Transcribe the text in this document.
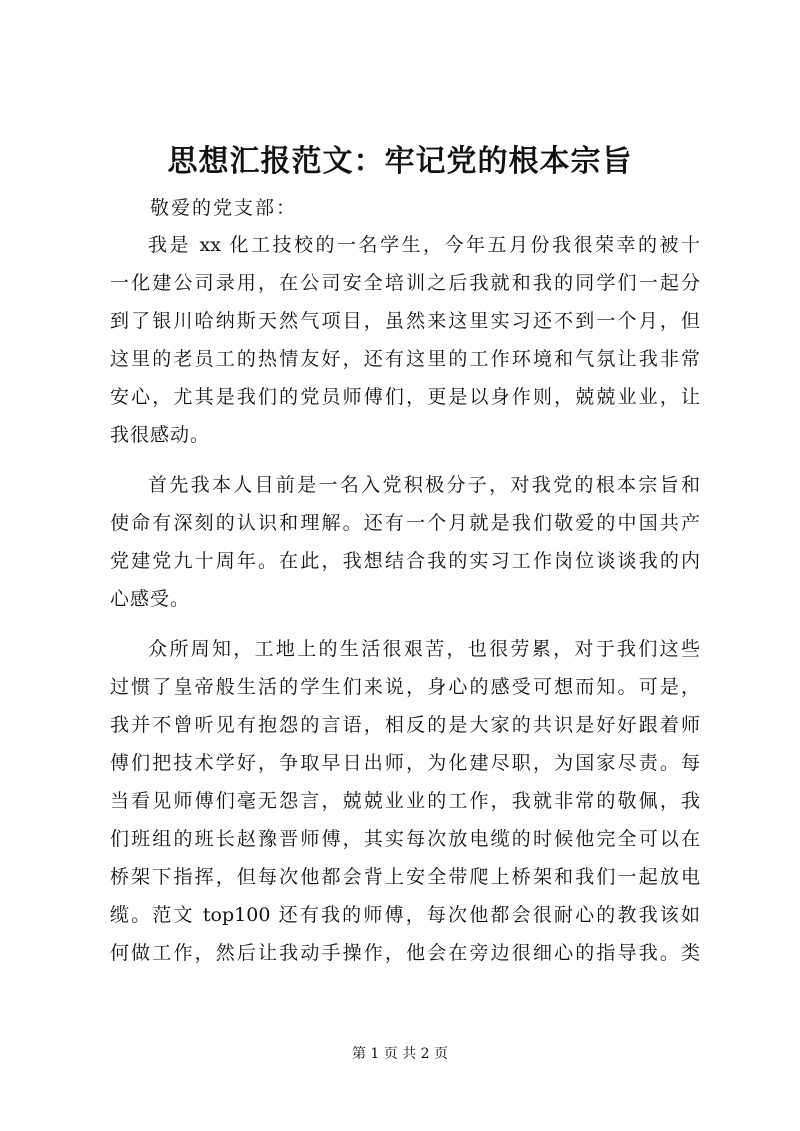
思想汇报范文：牢记党的根本宗旨

敬爱的党支部：

我是 xx 化工技校的一名学生，今年五月份我很荣幸的被十

一化建公司录用，在公司安全培训之后我就和我的同学们一起分

到了银川哈纳斯天然气项目，虽然来这里实习还不到一个月，但

这里的老员工的热情友好，还有这里的工作环境和气氛让我非常

安心，尤其是我们的党员师傅们，更是以身作则，兢兢业业，让

我很感动。

首先我本人目前是一名入党积极分子，对我党的根本宗旨和

使命有深刻的认识和理解。还有一个月就是我们敬爱的中国共产

党建党九十周年。在此，我想结合我的实习工作岗位谈谈我的内

心感受。

众所周知，工地上的生活很艰苦，也很劳累，对于我们这些

过惯了皇帝般生活的学生们来说，身心的感受可想而知。可是，

我并不曾听见有抱怨的言语，相反的是大家的共识是好好跟着师

傅们把技术学好，争取早日出师，为化建尽职，为国家尽责。每

当看见师傅们毫无怨言，兢兢业业的工作，我就非常的敬佩，我

们班组的班长赵豫晋师傅，其实每次放电缆的时候他完全可以在

桥架下指挥，但每次他都会背上安全带爬上桥架和我们一起放电

缆。范文 top100 还有我的师傅，每次他都会很耐心的教我该如

何做工作，然后让我动手操作，他会在旁边很细心的指导我。类

第 1 页 共 2 页
